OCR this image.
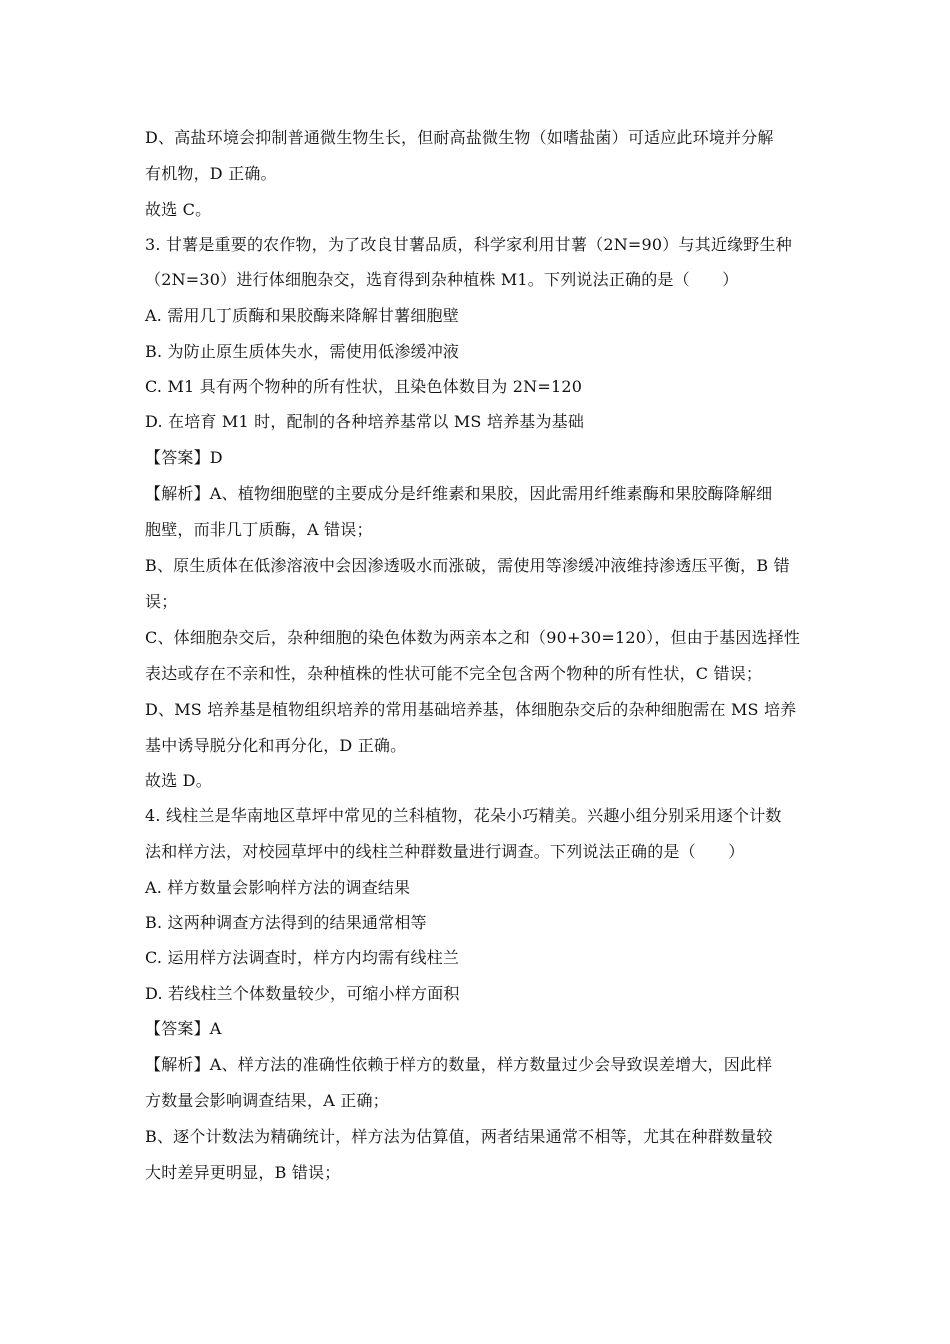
D、高盐环境会抑制普通微生物生长，但耐高盐微生物（如嗜盐菌）可适应此环境并分解
有机物，D 正确。
故选 C。
3. 甘薯是重要的农作物，为了改良甘薯品质，科学家利用甘薯（2N=90）与其近缘野生种
（2N=30）进行体细胞杂交，选育得到杂种植株 M1。下列说法正确的是（　　）
A. 需用几丁质酶和果胶酶来降解甘薯细胞壁
B. 为防止原生质体失水，需使用低渗缓冲液
C. M1 具有两个物种的所有性状，且染色体数目为 2N=120
D. 在培育 M1 时，配制的各种培养基常以 MS 培养基为基础
【答案】D
【解析】A、植物细胞壁的主要成分是纤维素和果胶，因此需用纤维素酶和果胶酶降解细
胞壁，而非几丁质酶，A 错误；
B、原生质体在低渗溶液中会因渗透吸水而涨破，需使用等渗缓冲液维持渗透压平衡，B 错
误；
C、体细胞杂交后，杂种细胞的染色体数为两亲本之和（90+30=120），但由于基因选择性
表达或存在不亲和性，杂种植株的性状可能不完全包含两个物种的所有性状，C 错误；
D、MS 培养基是植物组织培养的常用基础培养基，体细胞杂交后的杂种细胞需在 MS 培养
基中诱导脱分化和再分化，D 正确。
故选 D。
4. 线柱兰是华南地区草坪中常见的兰科植物，花朵小巧精美。兴趣小组分别采用逐个计数
法和样方法，对校园草坪中的线柱兰种群数量进行调查。下列说法正确的是（　　）
A. 样方数量会影响样方法的调查结果
B. 这两种调查方法得到的结果通常相等
C. 运用样方法调查时，样方内均需有线柱兰
D. 若线柱兰个体数量较少，可缩小样方面积
【答案】A
【解析】A、样方法的准确性依赖于样方的数量，样方数量过少会导致误差增大，因此样
方数量会影响调查结果，A 正确；
B、逐个计数法为精确统计，样方法为估算值，两者结果通常不相等，尤其在种群数量较
大时差异更明显，B 错误；
